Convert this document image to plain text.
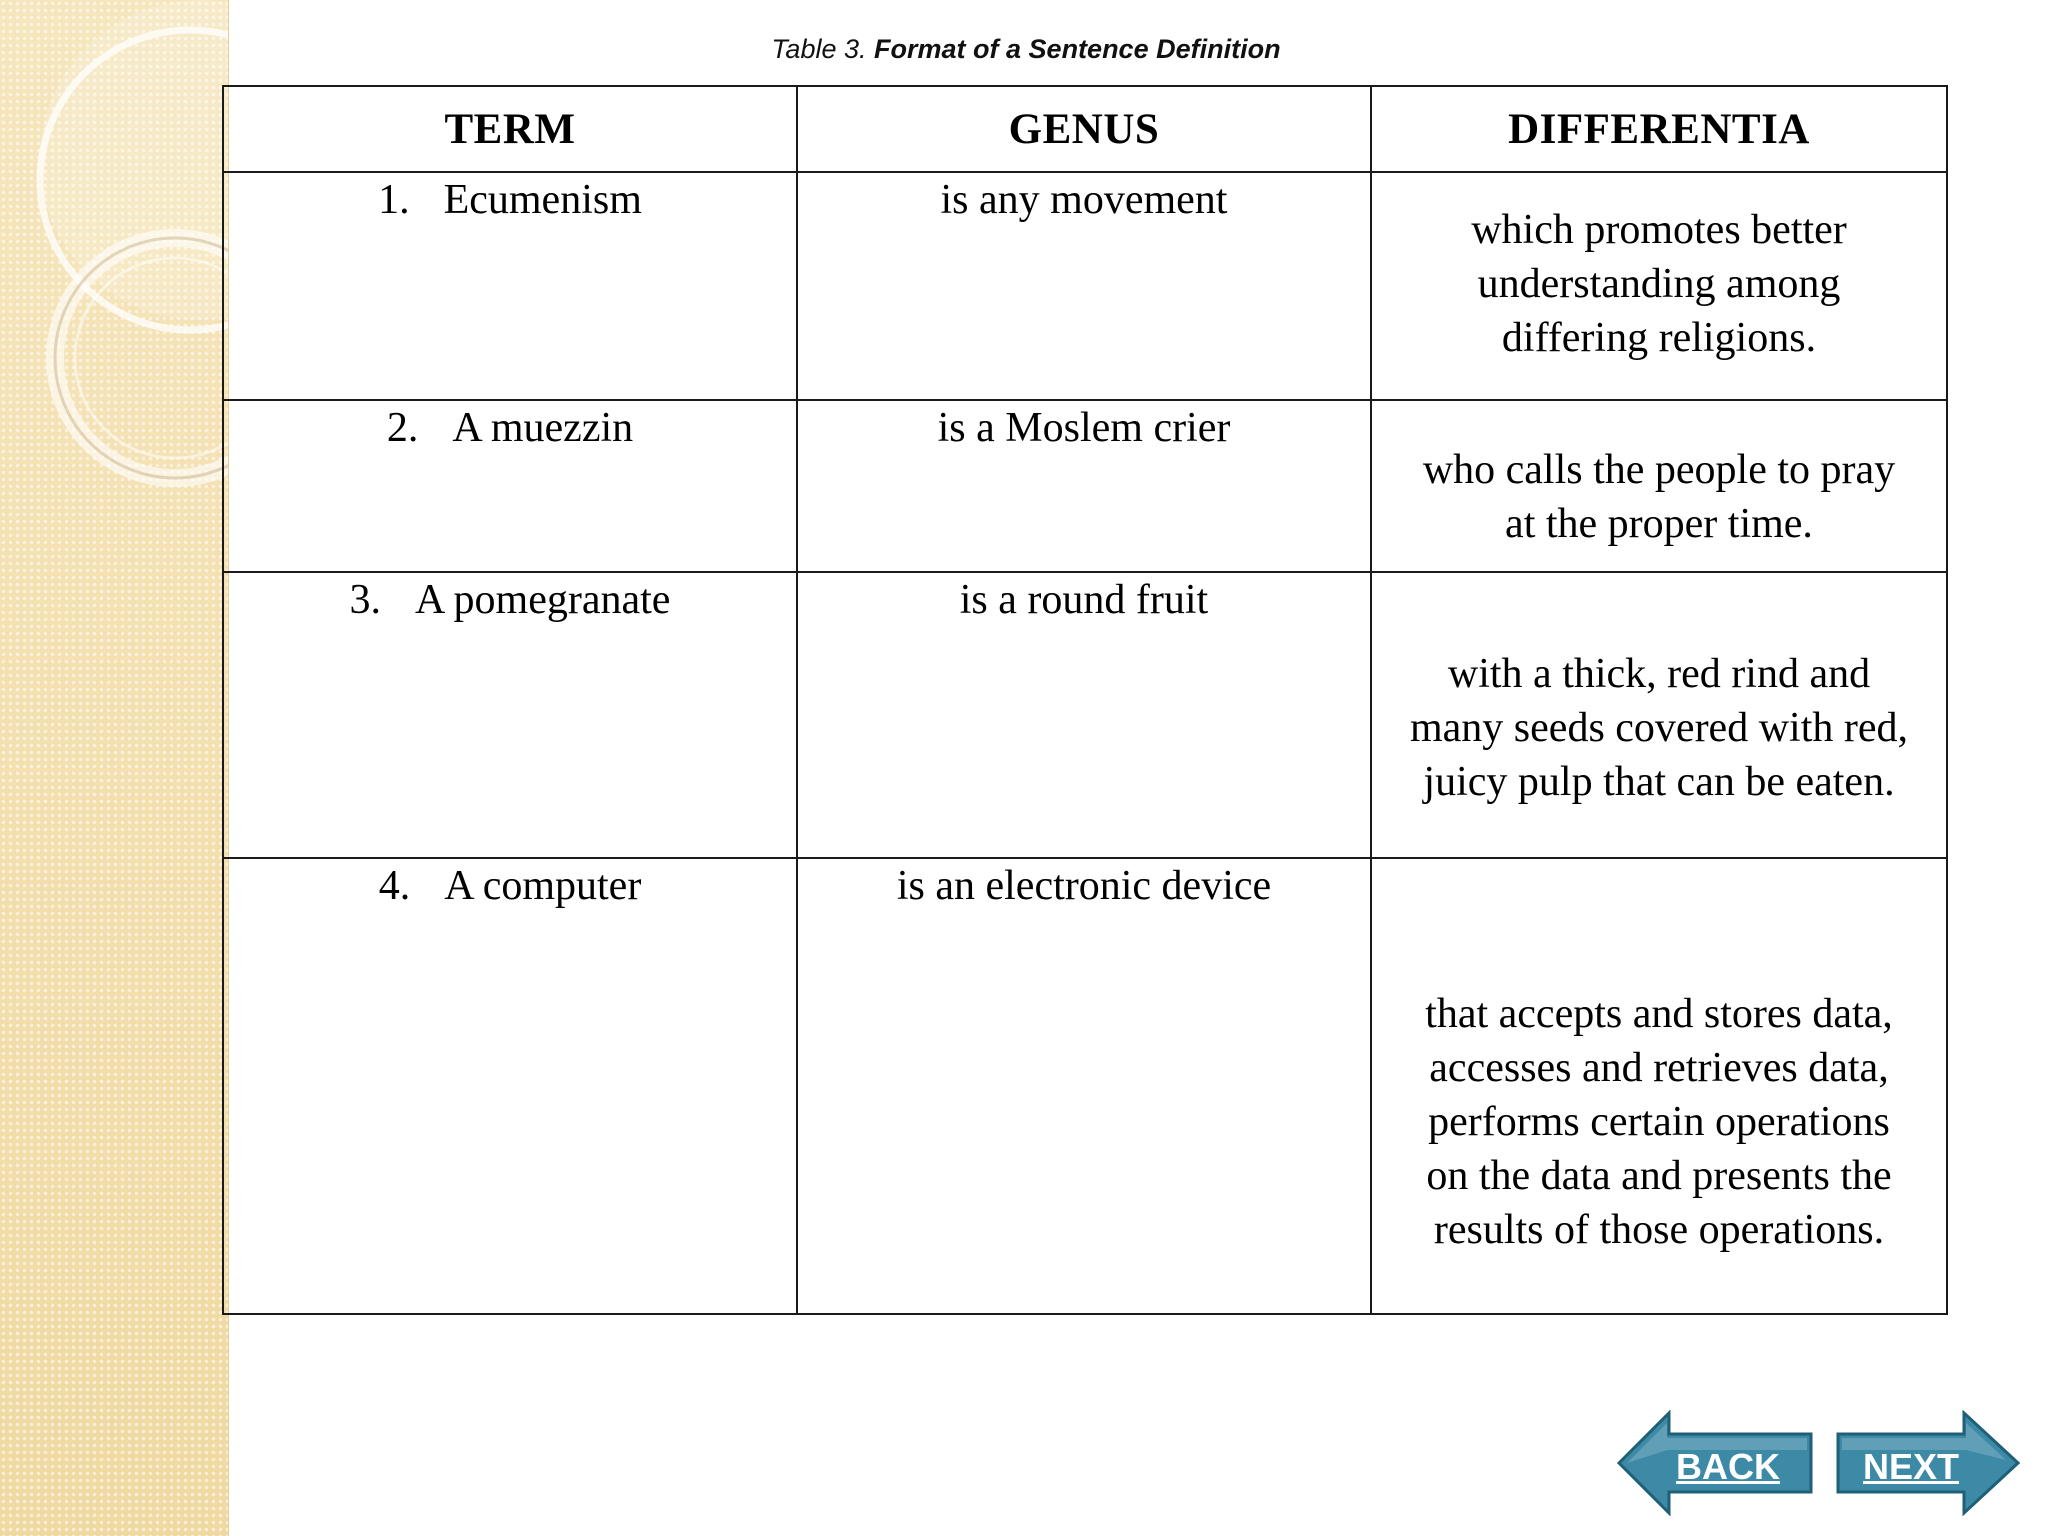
Table 3. Format of a Sentence Definition
TERM	GENUS	DIFFERENTIA
1. Ecumenism	is any movement	which promotes better
understanding among
differing religions.

2. A muezzin	is a Moslem crier	who calls the people to pray
at the proper time.

3. A pomegranate	is a round fruit	with a thick, red rind and
many seeds covered with red,
juicy pulp that can be eaten.

4. A computer	is an electronic device	that accepts and stores data,
accesses and retrieves data,
performs certain operations
on the data and presents the
results of those operations.
BACK	NEXT
